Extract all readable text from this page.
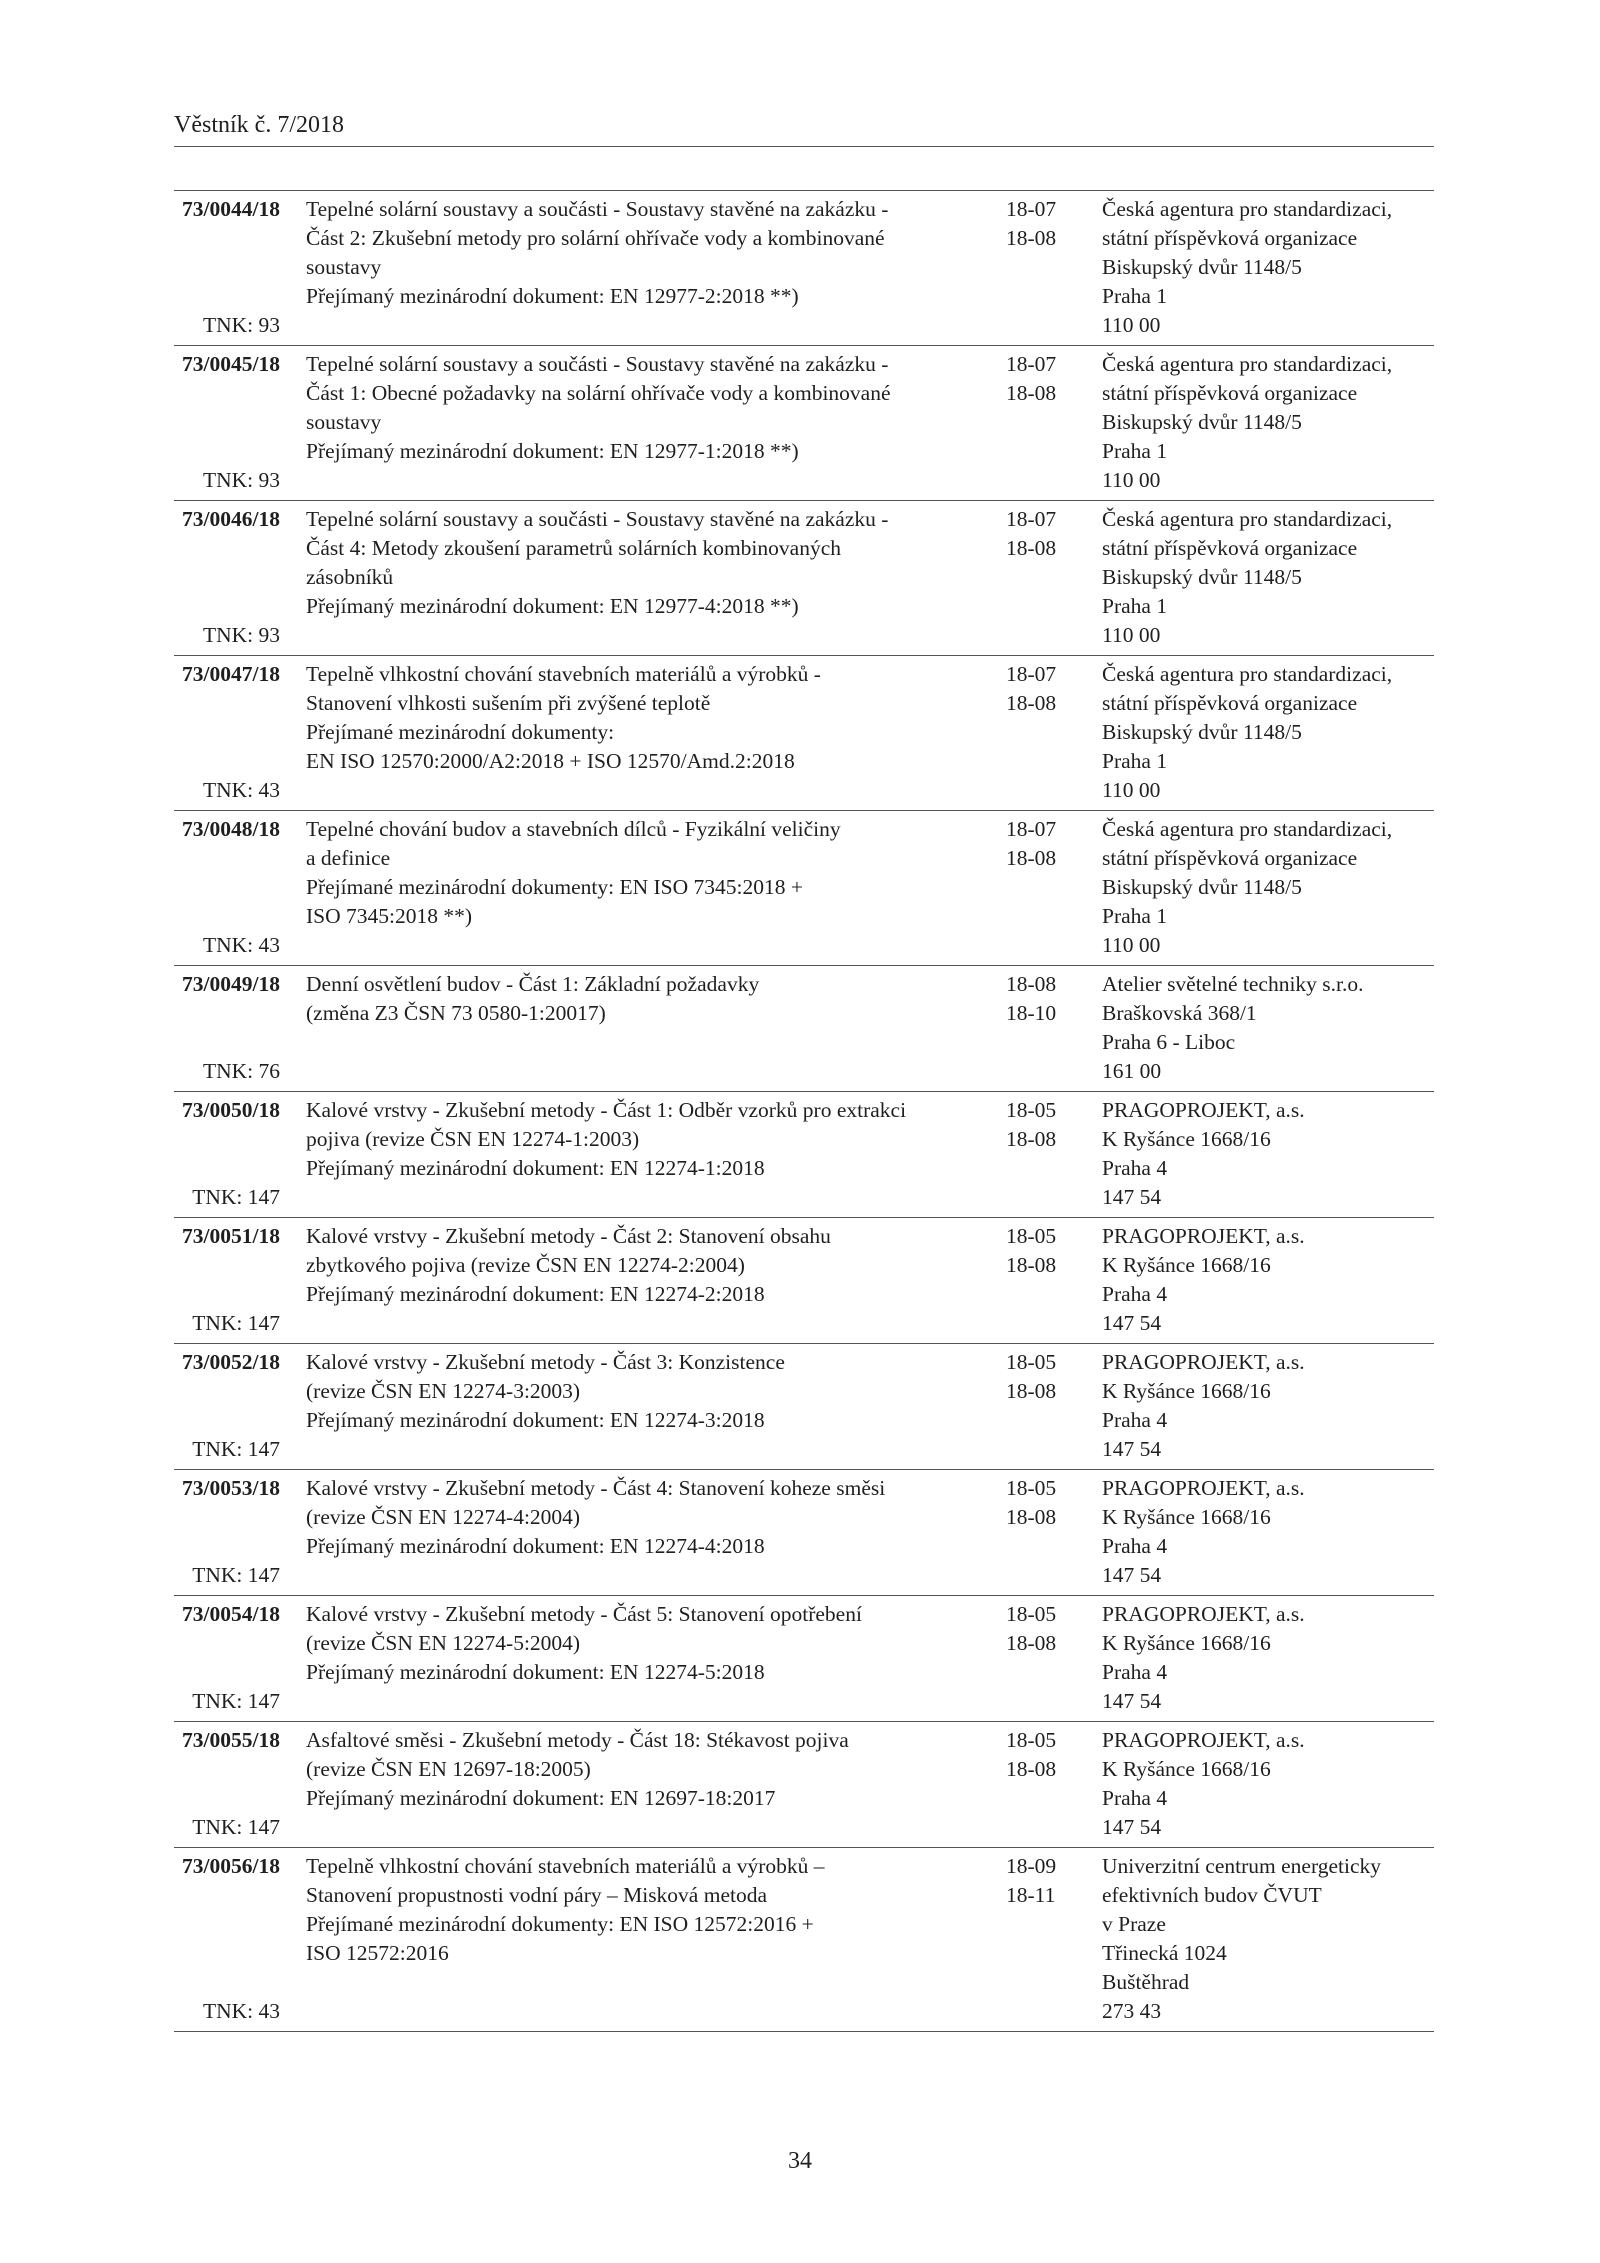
Věstník č. 7/2018
73/0044/18
TNK: 93
Tepelné solární soustavy a součásti - Soustavy stavěné na zakázku -
Část 2: Zkušební metody pro solární ohřívače vody a kombinované
soustavy
Přejímaný mezinárodní dokument: EN 12977-2:2018 **)
18-07
18-08
Česká agentura pro standardizaci,
státní příspěvková organizace
Biskupský dvůr 1148/5
Praha 1
110 00
73/0045/18
TNK: 93
Tepelné solární soustavy a součásti - Soustavy stavěné na zakázku -
Část 1: Obecné požadavky na solární ohřívače vody a kombinované
soustavy
Přejímaný mezinárodní dokument: EN 12977-1:2018 **)
18-07
18-08
Česká agentura pro standardizaci,
státní příspěvková organizace
Biskupský dvůr 1148/5
Praha 1
110 00
73/0046/18
TNK: 93
Tepelné solární soustavy a součásti - Soustavy stavěné na zakázku -
Část 4: Metody zkoušení parametrů solárních kombinovaných
zásobníků
Přejímaný mezinárodní dokument: EN 12977-4:2018 **)
18-07
18-08
Česká agentura pro standardizaci,
státní příspěvková organizace
Biskupský dvůr 1148/5
Praha 1
110 00
73/0047/18
TNK: 43
Tepelně vlhkostní chování stavebních materiálů a výrobků -
Stanovení vlhkosti sušením při zvýšené teplotě
Přejímané mezinárodní dokumenty:
EN ISO 12570:2000/A2:2018 + ISO 12570/Amd.2:2018
18-07
18-08
Česká agentura pro standardizaci,
státní příspěvková organizace
Biskupský dvůr 1148/5
Praha 1
110 00
73/0048/18
TNK: 43
Tepelné chování budov a stavebních dílců - Fyzikální veličiny
a definice
Přejímané mezinárodní dokumenty: EN ISO 7345:2018 +
ISO 7345:2018 **)
18-07
18-08
Česká agentura pro standardizaci,
státní příspěvková organizace
Biskupský dvůr 1148/5
Praha 1
110 00
73/0049/18
TNK: 76
Denní osvětlení budov - Část 1: Základní požadavky
(změna Z3 ČSN 73 0580-1:20017)
18-08
18-10
Atelier světelné techniky s.r.o.
Braškovská 368/1
Praha 6 - Liboc
161 00
73/0050/18
TNK: 147
Kalové vrstvy - Zkušební metody - Část 1: Odběr vzorků pro extrakci
pojiva (revize ČSN EN 12274-1:2003)
Přejímaný mezinárodní dokument: EN 12274-1:2018
18-05
18-08
PRAGOPROJEKT, a.s.
K Ryšánce 1668/16
Praha 4
147 54
73/0051/18
TNK: 147
Kalové vrstvy - Zkušební metody - Část 2: Stanovení obsahu
zbytkového pojiva (revize ČSN EN 12274-2:2004)
Přejímaný mezinárodní dokument: EN 12274-2:2018
18-05
18-08
PRAGOPROJEKT, a.s.
K Ryšánce 1668/16
Praha 4
147 54
73/0052/18
TNK: 147
Kalové vrstvy - Zkušební metody - Část 3: Konzistence
(revize ČSN EN 12274-3:2003)
Přejímaný mezinárodní dokument: EN 12274-3:2018
18-05
18-08
PRAGOPROJEKT, a.s.
K Ryšánce 1668/16
Praha 4
147 54
73/0053/18
TNK: 147
Kalové vrstvy - Zkušební metody - Část 4: Stanovení koheze směsi
(revize ČSN EN 12274-4:2004)
Přejímaný mezinárodní dokument: EN 12274-4:2018
18-05
18-08
PRAGOPROJEKT, a.s.
K Ryšánce 1668/16
Praha 4
147 54
73/0054/18
TNK: 147
Kalové vrstvy - Zkušební metody - Část 5: Stanovení opotřebení
(revize ČSN EN 12274-5:2004)
Přejímaný mezinárodní dokument: EN 12274-5:2018
18-05
18-08
PRAGOPROJEKT, a.s.
K Ryšánce 1668/16
Praha 4
147 54
73/0055/18
TNK: 147
Asfaltové směsi - Zkušební metody - Část 18: Stékavost pojiva
(revize ČSN EN 12697-18:2005)
Přejímaný mezinárodní dokument: EN 12697-18:2017
18-05
18-08
PRAGOPROJEKT, a.s.
K Ryšánce 1668/16
Praha 4
147 54
73/0056/18
TNK: 43
Tepelně vlhkostní chování stavebních materiálů a výrobků –
Stanovení propustnosti vodní páry – Misková metoda
Přejímané mezinárodní dokumenty: EN ISO 12572:2016 +
ISO 12572:2016
18-09
18-11
Univerzitní centrum energeticky
efektivních budov ČVUT
v Praze
Třinecká 1024
Buštěhrad
273 43
34
